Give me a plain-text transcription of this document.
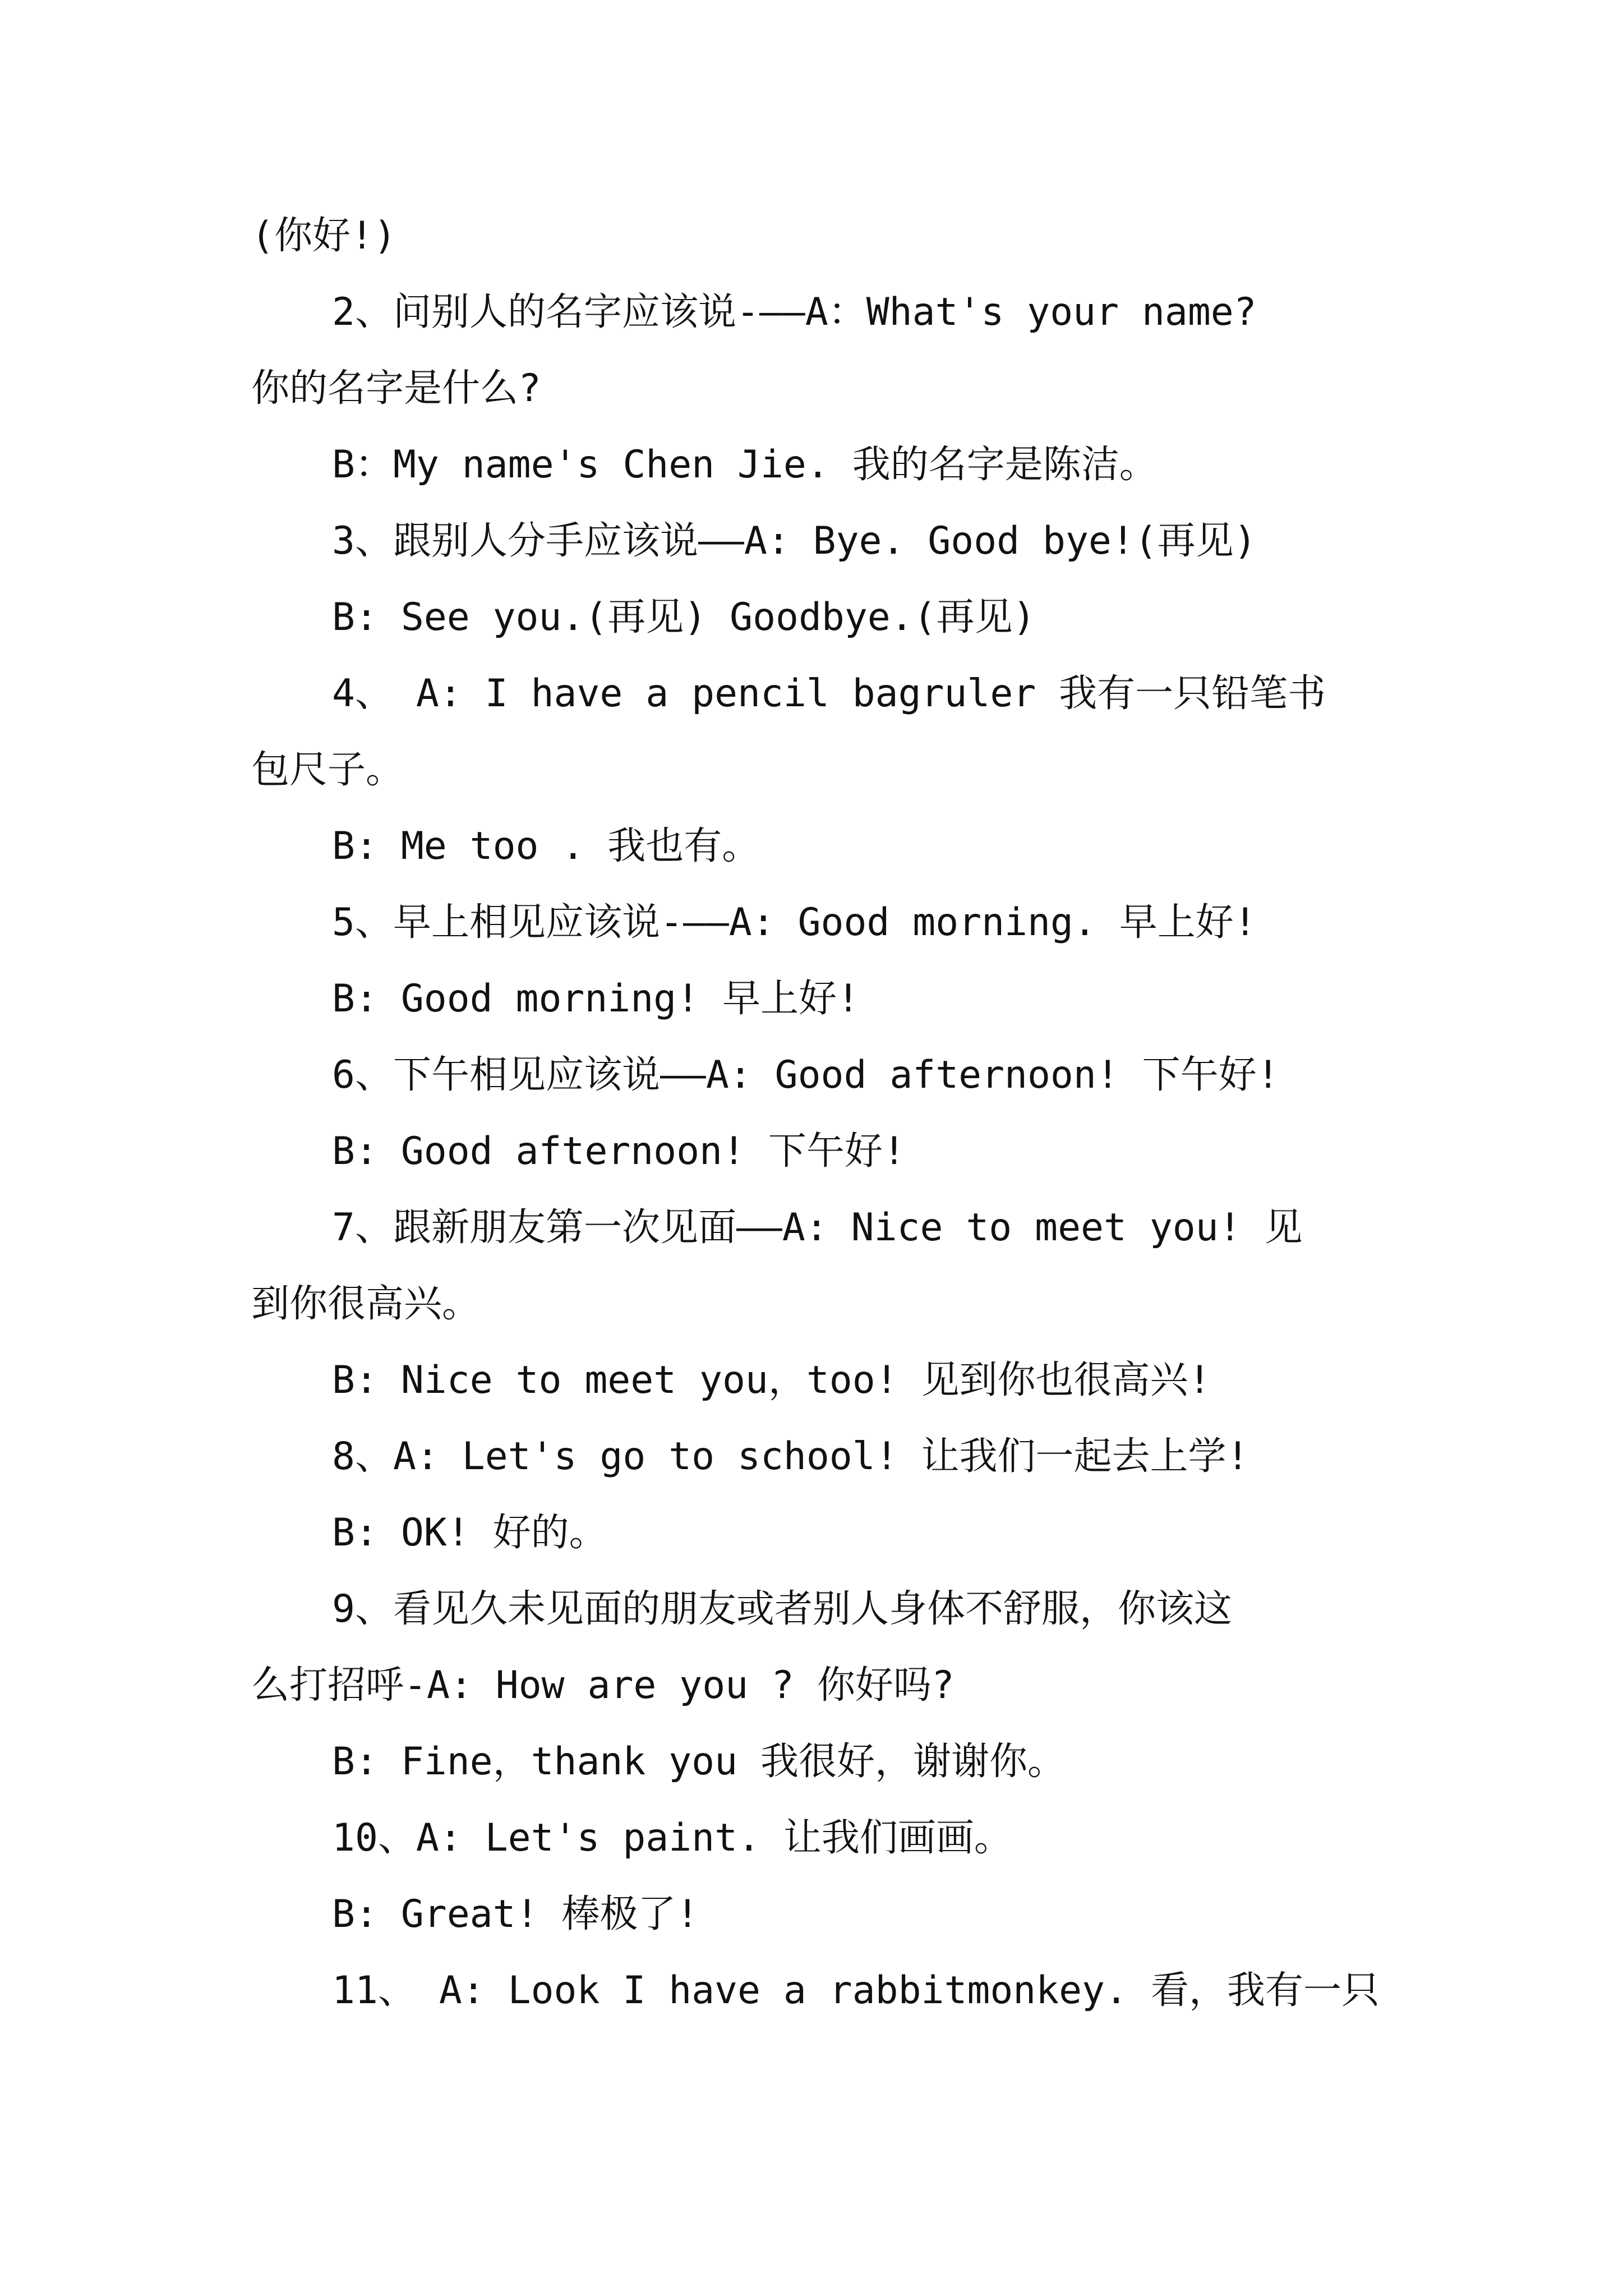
(你好!)

2、问别人的名字应该说-——A：What's your name?

你的名字是什么?

B：My name's Chen Jie. 我的名字是陈洁。

3、跟别人分手应该说——A: Bye. Good bye!(再见)

B: See you.(再见) Goodbye.(再见)

4、 A: I have a pencil bagruler 我有一只铅笔书

包尺子。

B: Me too . 我也有。

5、早上相见应该说-——A: Good morning. 早上好!

B: Good morning! 早上好!

6、下午相见应该说——A: Good afternoon! 下午好!

B: Good afternoon! 下午好!

7、跟新朋友第一次见面——A: Nice to meet you! 见

到你很高兴。

B: Nice to meet you，too! 见到你也很高兴!

8、A: Let's go to school! 让我们一起去上学!

B: OK! 好的。

9、看见久未见面的朋友或者别人身体不舒服，你该这

么打招呼-A: How are you ? 你好吗?

B: Fine，thank you 我很好，谢谢你。

10、A: Let's paint. 让我们画画。

B: Great! 棒极了!

11、 A: Look I have a rabbitmonkey. 看，我有一只
